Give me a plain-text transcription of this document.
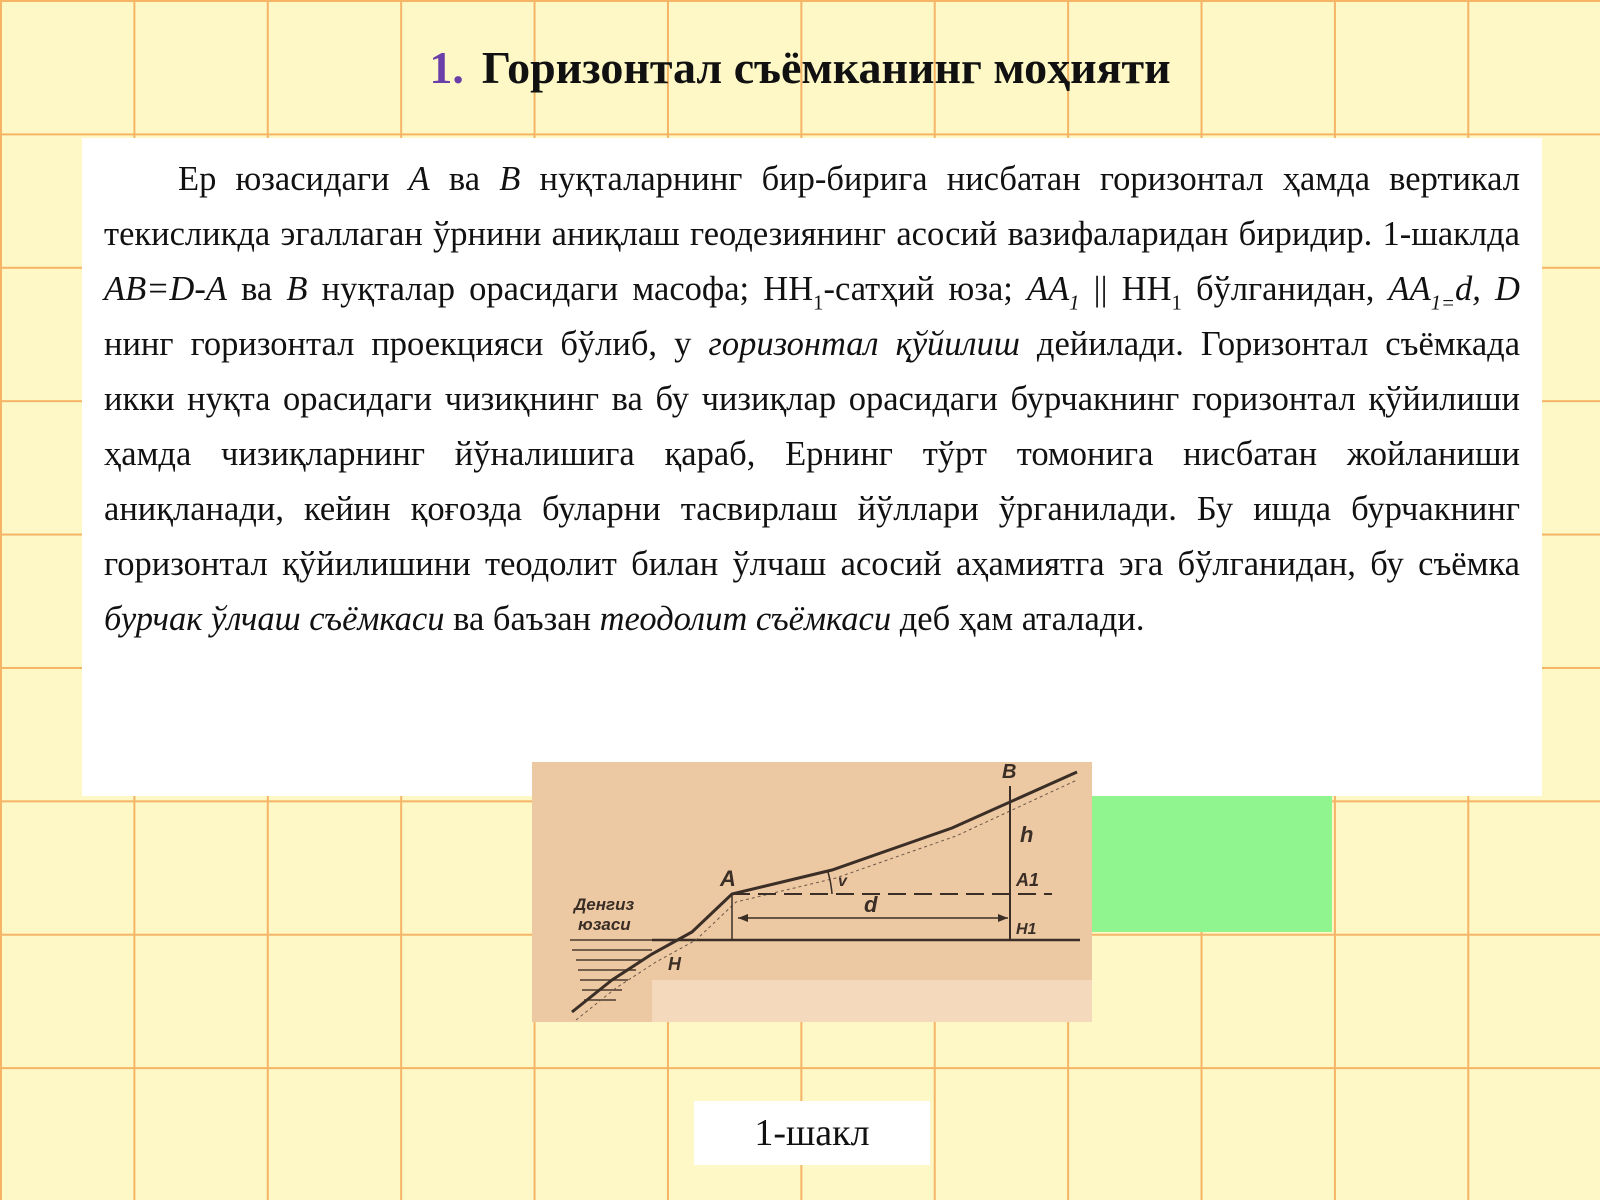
1. Горизонтал съёмканинг моҳияти

Ер юзасидаги A ва B нуқталарнинг бир-бирига нисбатан горизонтал ҳамда вертикал текисликда эгаллаган ўрнини аниқлаш геодезиянинг асосий вазифаларидан биридир. 1-шаклда AB=D-A ва B нуқталар орасидаги масофа; $НН_1$-сатҳий юза; $AA_1$ || $НН_1$ бўлганидан, $AA_{1=}d$, D нинг горизонтал проекцияси бўлиб, у горизонтал қўйилиш дейилади. Горизонтал съёмкада икки нуқта орасидаги чизиқнинг ва бу чизиқлар орасидаги бурчакнинг горизонтал қўйилиши ҳамда чизиқларнинг йўналишига қараб, Ернинг тўрт томонига нисбатан жойланиши аниқланади, кейин қоғозда буларни тасвирлаш йўллари ўрганилади. Бу ишда бурчакнинг горизонтал қўйилишини теодолит билан ўлчаш асосий аҳамиятга эга бўлганидан, бу съёмка бурчак ўлчаш съёмкаси ва баъзан теодолит съёмкаси деб ҳам аталади.

Денгиз
юзаси
A
B
A1
h
d
v
H
H1
1-шакл
